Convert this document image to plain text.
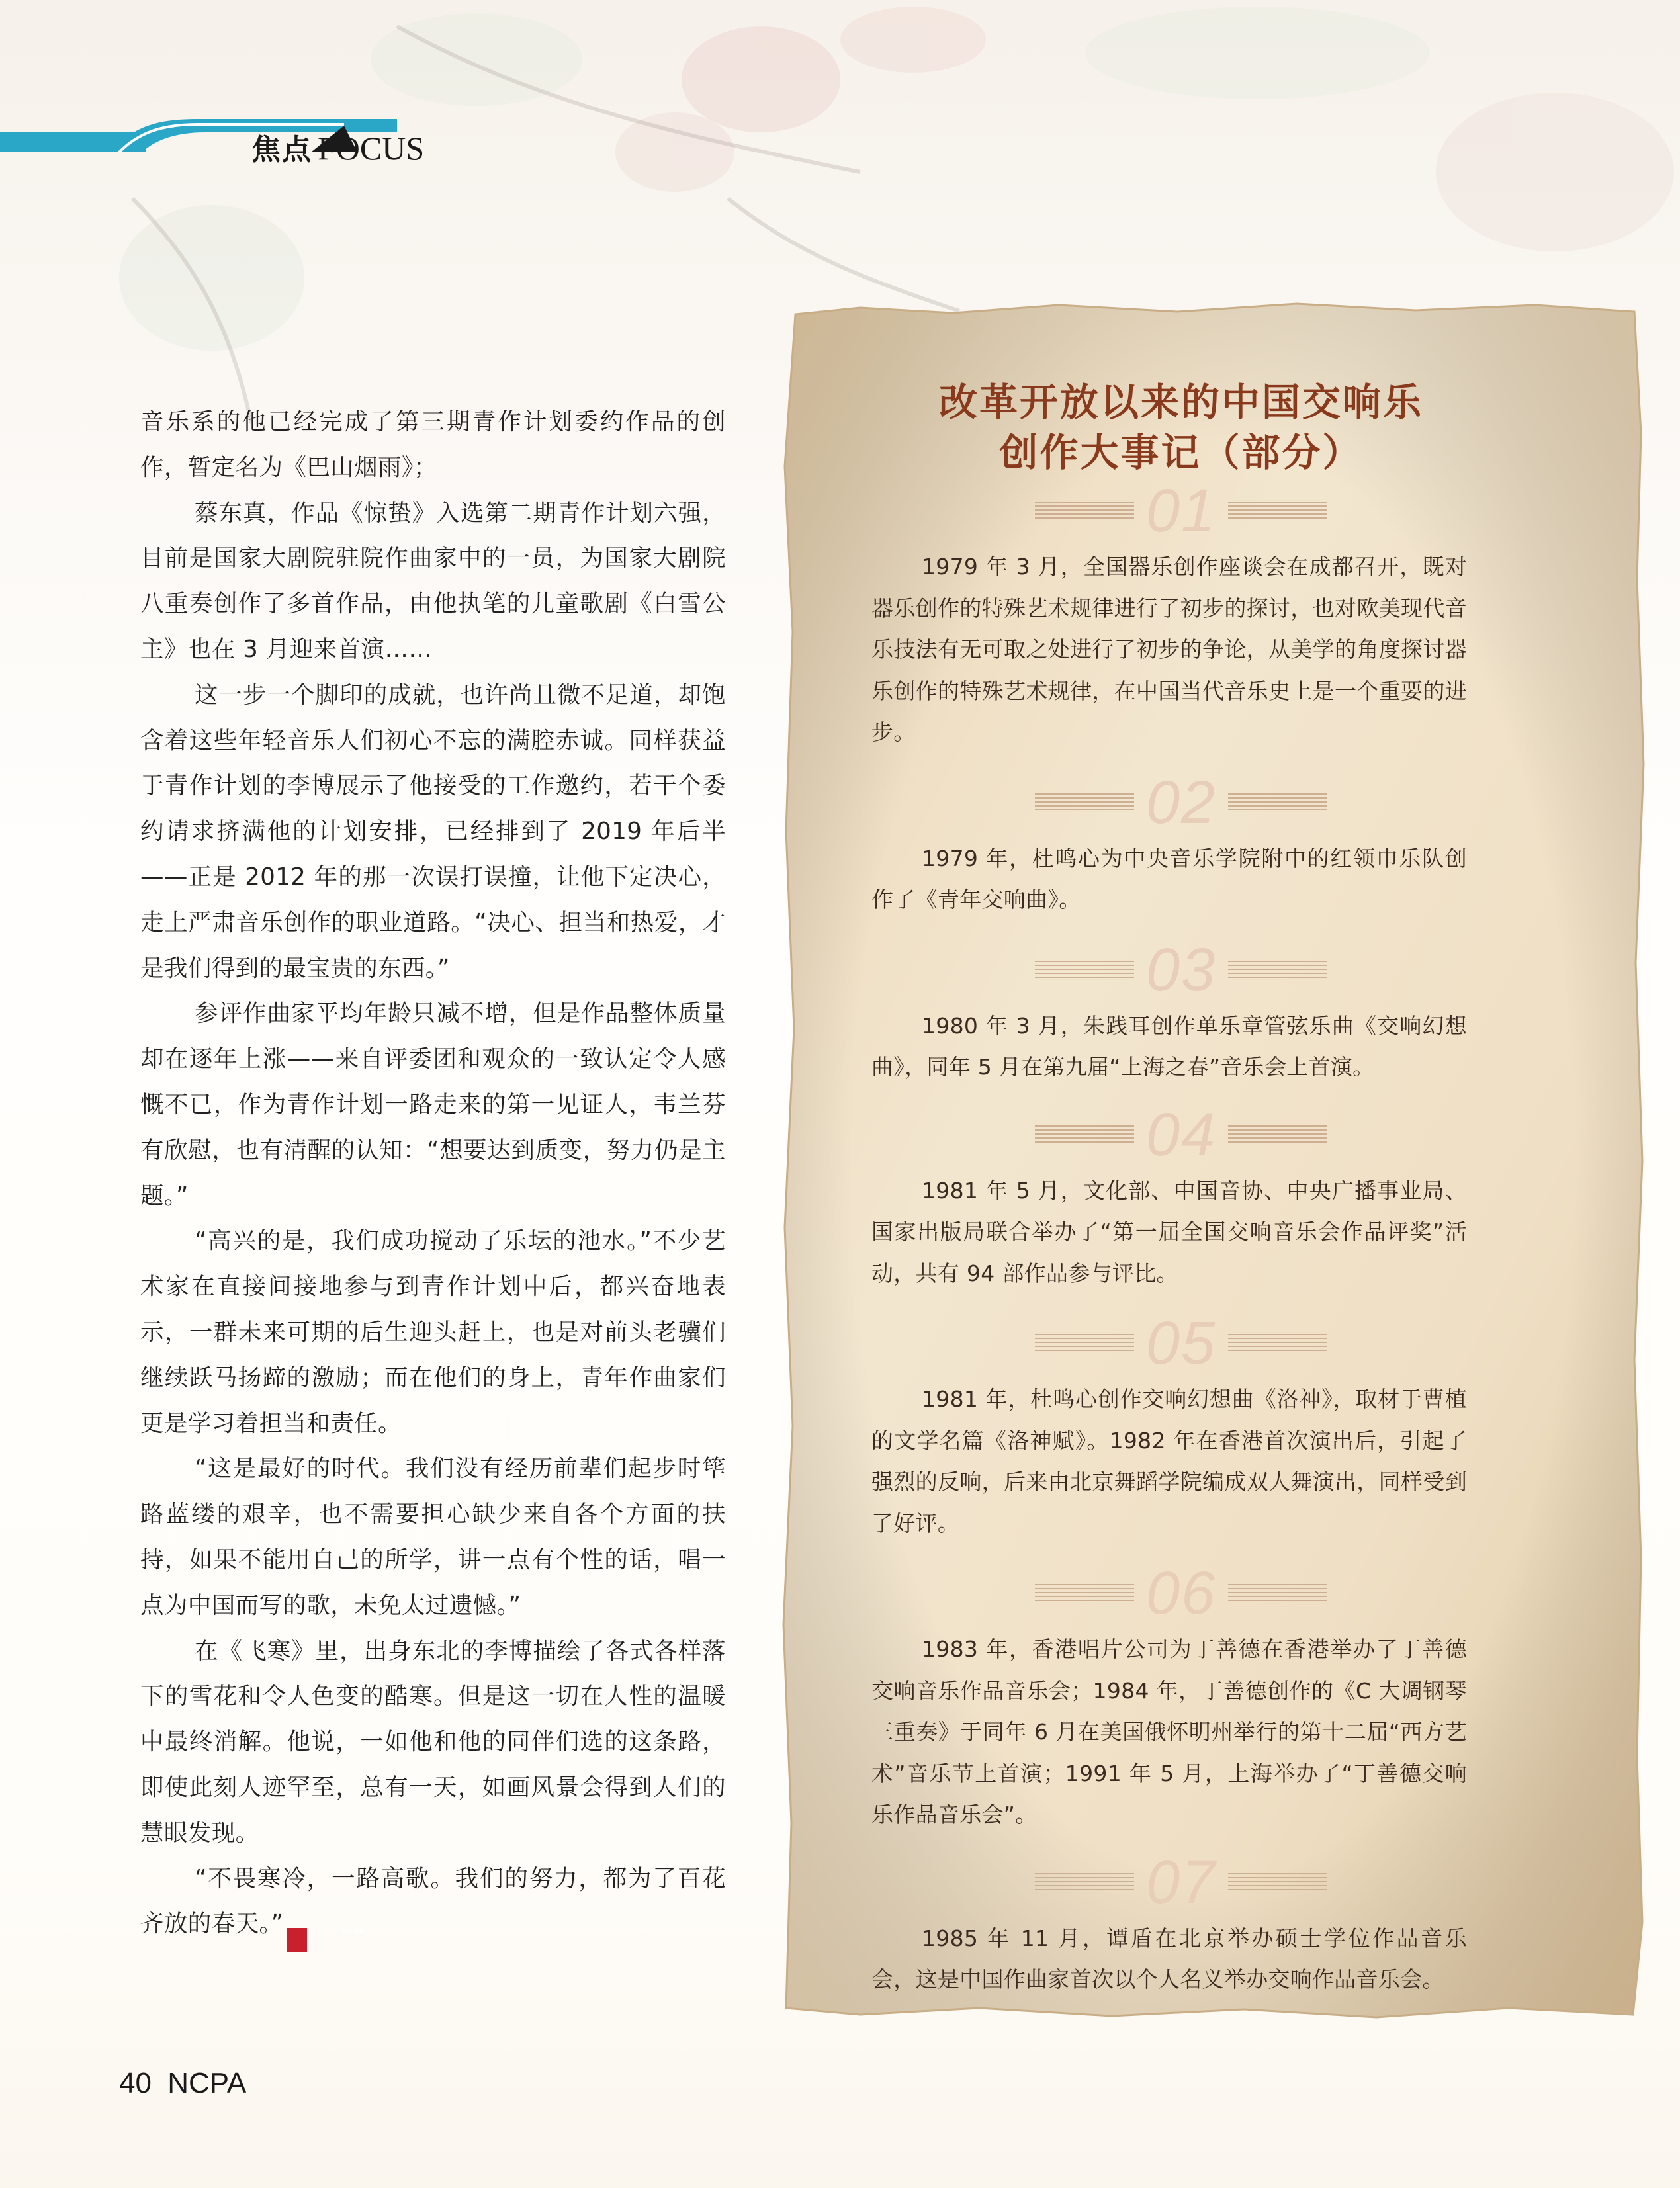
焦点 FOCUS

音乐系的他已经完成了第三期青作计划委约作品的创作，暂定名为《巴山烟雨》；

蔡东真，作品《惊蛰》入选第二期青作计划六强，目前是国家大剧院驻院作曲家中的一员，为国家大剧院八重奏创作了多首作品，由他执笔的儿童歌剧《白雪公主》也在 3 月迎来首演……

这一步一个脚印的成就，也许尚且微不足道，却饱含着这些年轻音乐人们初心不忘的满腔赤诚。同样获益于青作计划的李博展示了他接受的工作邀约，若干个委约请求挤满他的计划安排，已经排到了 2019 年后半——正是 2012 年的那一次误打误撞，让他下定决心，走上严肃音乐创作的职业道路。“决心、担当和热爱，才是我们得到的最宝贵的东西。”

参评作曲家平均年龄只减不增，但是作品整体质量却在逐年上涨——来自评委团和观众的一致认定令人感慨不已，作为青作计划一路走来的第一见证人，韦兰芬有欣慰，也有清醒的认知：“想要达到质变，努力仍是主题。”

“高兴的是，我们成功搅动了乐坛的池水。”不少艺术家在直接间接地参与到青作计划中后，都兴奋地表示，一群未来可期的后生迎头赶上，也是对前头老骥们继续跃马扬蹄的激励；而在他们的身上，青年作曲家们更是学习着担当和责任。

“这是最好的时代。我们没有经历前辈们起步时筚路蓝缕的艰辛，也不需要担心缺少来自各个方面的扶持，如果不能用自己的所学，讲一点有个性的话，唱一点为中国而写的歌，未免太过遗憾。”

在《飞寒》里，出身东北的李博描绘了各式各样落下的雪花和令人色变的酷寒。但是这一切在人性的温暖中最终消解。他说，一如他和他的同伴们选的这条路，即使此刻人迹罕至，总有一天，如画风景会得到人们的慧眼发现。

“不畏寒冷，一路高歌。我们的努力，都为了百花齐放的春天。”	NCPA

改革开放以来的中国交响乐
创作大事记（部分）
01
1979 年 3 月，全国器乐创作座谈会在成都召开，既对器乐创作的特殊艺术规律进行了初步的探讨，也对欧美现代音乐技法有无可取之处进行了初步的争论，从美学的角度探讨器乐创作的特殊艺术规律，在中国当代音乐史上是一个重要的进步。
02
1979 年，杜鸣心为中央音乐学院附中的红领巾乐队创作了《青年交响曲》。
03
1980 年 3 月，朱践耳创作单乐章管弦乐曲《交响幻想曲》，同年 5 月在第九届“上海之春”音乐会上首演。
04
1981 年 5 月，文化部、中国音协、中央广播事业局、国家出版局联合举办了“第一届全国交响音乐会作品评奖”活动，共有 94 部作品参与评比。
05
1981 年，杜鸣心创作交响幻想曲《洛神》，取材于曹植的文学名篇《洛神赋》。1982 年在香港首次演出后，引起了强烈的反响，后来由北京舞蹈学院编成双人舞演出，同样受到了好评。
06
1983 年，香港唱片公司为丁善德在香港举办了丁善德交响音乐作品音乐会；1984 年，丁善德创作的《C 大调钢琴三重奏》于同年 6 月在美国俄怀明州举行的第十二届“西方艺术”音乐节上首演；1991 年 5 月，上海举办了“丁善德交响乐作品音乐会”。
07
1985 年 11 月，谭盾在北京举办硕士学位作品音乐会，这是中国作曲家首次以个人名义举办交响作品音乐会。
40 NCPA
